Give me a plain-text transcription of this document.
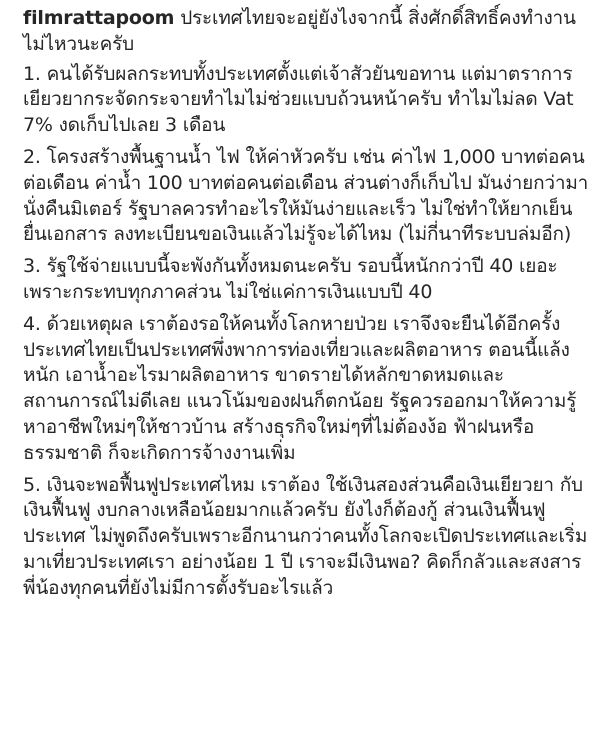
filmrattapoom ประเทศไทยจะอยู่ยังไงจากนี้ สิ่งศักดิ์สิทธิ์คงทำงานไม่ไหวนะครับ

1. คนได้รับผลกระทบทั้งประเทศตั้งแต่เจ้าสัวยันขอทาน แต่มาตราการเยียวยากระจัดกระจายทำไมไม่ช่วยแบบถ้วนหน้าครับ ทำไมไม่ลด Vat 7% งดเก็บไปเลย 3 เดือน

2. โครงสร้างพื้นฐานน้ำ ไฟ ให้ค่าหัวครับ เช่น ค่าไฟ 1,000 บาทต่อคนต่อเดือน ค่าน้ำ 100 บาทต่อคนต่อเดือน ส่วนต่างก็เก็บไป มันง่ายกว่ามานั่งคืนมิเตอร์ รัฐบาลควรทำอะไรให้มันง่ายและเร็ว ไม่ใช่ทำให้ยากเย็นยื่นเอกสาร ลงทะเบียนขอเงินแล้วไม่รู้จะได้ไหม (ไม่กี่นาทีระบบล่มอีก)

3. รัฐใช้จ่ายแบบนี้จะพังกันทั้งหมดนะครับ รอบนี้หนักกว่าปี 40 เยอะ เพราะกระทบทุกภาคส่วน ไม่ใช่แค่การเงินแบบปี 40

4. ด้วยเหตุผล เราต้องรอให้คนทั้งโลกหายป่วย เราจึงจะยืนได้อีกครั้ง ประเทศไทยเป็นประเทศพึ่งพาการท่องเที่ยวและผลิตอาหาร ตอนนี้แล้งหนัก เอาน้ำอะไรมาผลิตอาหาร ขาดรายได้หลักขาดหมดและสถานการณ์ไม่ดีเลย แนวโน้มของฝนก็ตกน้อย รัฐควรออกมาให้ความรู้ หาอาชีพใหม่ๆให้ชาวบ้าน สร้างธุรกิจใหม่ๆที่ไม่ต้องง้อ ฟ้าฝนหรือธรรมชาติ ก็จะเกิดการจ้างงานเพิ่ม

5. เงินจะพอฟื้นฟูประเทศไหม เราต้อง ใช้เงินสองส่วนคือเงินเยียวยา กับ เงินฟื้นฟู งบกลางเหลือน้อยมากแล้วครับ ยังไงก็ต้องกู้ ส่วนเงินฟื้นฟูประเทศ ไม่พูดถึงครับเพราะอีกนานกว่าคนทั้งโลกจะเปิดประเทศและเริ่มมาเที่ยวประเทศเรา อย่างน้อย 1 ปี เราจะมีเงินพอ? คิดก็กลัวและสงสารพี่น้องทุกคนที่ยังไม่มีการตั้งรับอะไรแล้ว
